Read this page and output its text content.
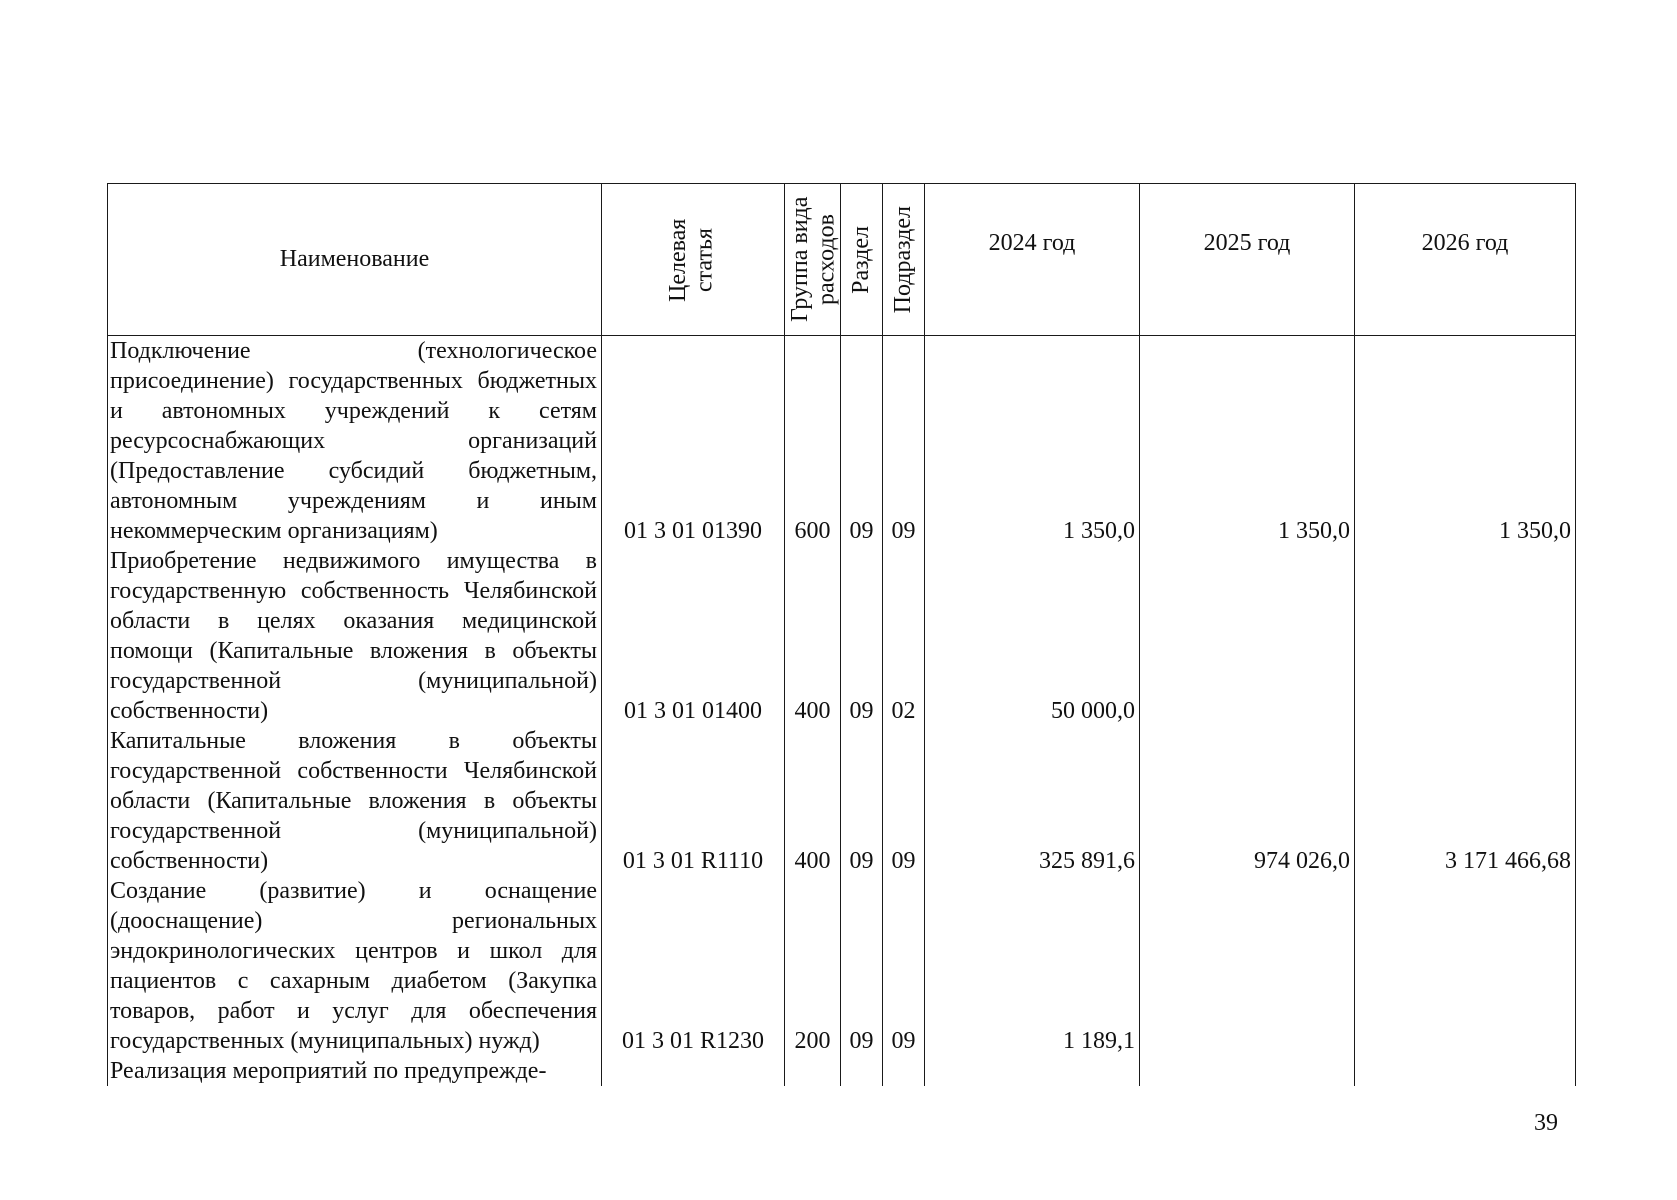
Наименование	Целевая статья	Группа вида расходов	Раздел	Подраздел	2024 год	2025 год	2026 год

Подключение (технологическое присоединение) государственных бюджетных и автономных учреждений к сетям ресурсоснабжающих организаций (Предоставление субсидий бюджетным, автономным учреждениям и иным некоммерческим организациям)	01 3 01 01390	600	09	09	1 350,0	1 350,0	1 350,0
Приобретение недвижимого имущества в государственную собственность Челябинской области в целях оказания медицинской помощи (Капитальные вложения в объекты государственной (муниципальной) собственности)	01 3 01 01400	400	09	02	50 000,0		
Капитальные вложения в объекты государственной собственности Челябинской области (Капитальные вложения в объекты государственной (муниципальной) собственности)	01 3 01 R1110	400	09	09	325 891,6	974 026,0	3 171 466,68
Создание (развитие) и оснащение (дооснащение) региональных эндокринологических центров и школ для пациентов с сахарным диабетом (Закупка товаров, работ и услуг для обеспечения государственных (муниципальных) нужд)	01 3 01 R1230	200	09	09	1 189,1		
Реализация мероприятий по предупрежде-							
39
